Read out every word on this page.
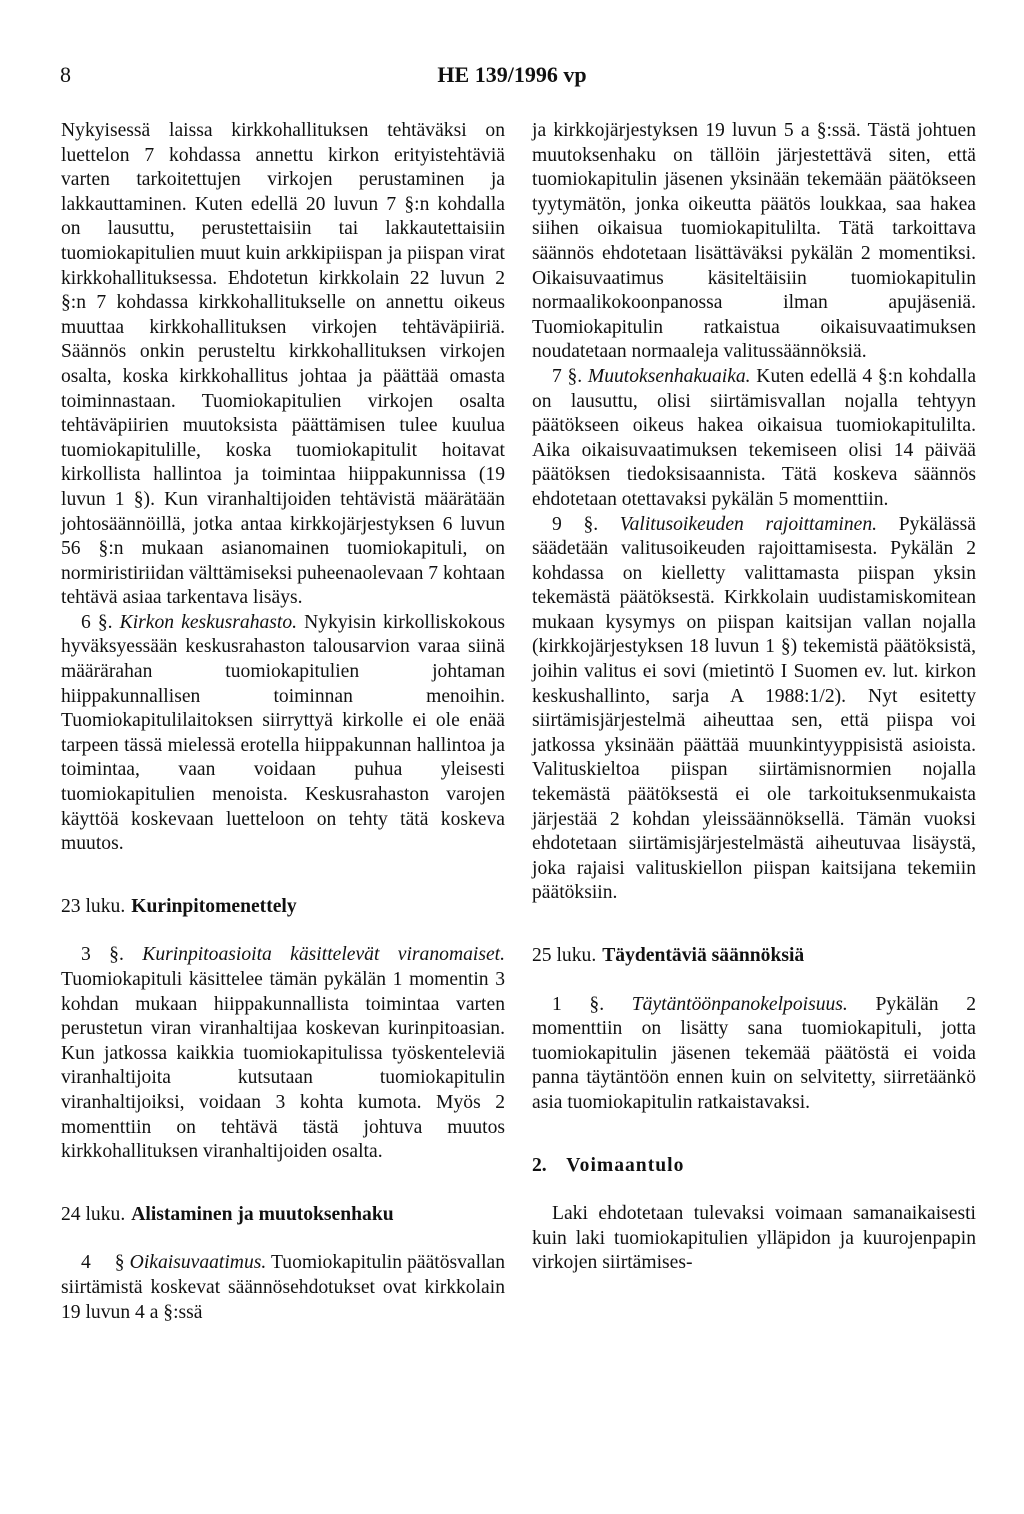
8	HE 139/1996 vp

Nykyisessä laissa kirkkohallituksen tehtäväksi on luettelon 7 kohdassa annettu kirkon erityistehtäviä varten tarkoitettujen virkojen perustaminen ja lakkauttaminen. Kuten edellä 20 luvun 7 §:n kohdalla on lausuttu, perustettaisiin tai lakkautettaisiin tuomiokapitulien muut kuin arkkipiispan ja piispan virat kirkkohallituksessa. Ehdotetun kirkkolain 22 luvun 2 §:n 7 kohdassa kirkkohallitukselle on annettu oikeus muuttaa kirkkohallituksen virkojen tehtäväpiiriä. Säännös onkin perusteltu kirkkohallituksen virkojen osalta, koska kirkkohallitus johtaa ja päättää omasta toiminnastaan. Tuomiokapitulien virkojen osalta tehtäväpiirien muutoksista päättämisen tulee kuulua tuomiokapitulille, koska tuomiokapitulit hoitavat kirkollista hallintoa ja toimintaa hiippakunnissa (19 luvun 1 §). Kun viranhaltijoiden tehtävistä määrätään johtosäännöillä, jotka antaa kirkkojärjestyksen 6 luvun 56 §:n mukaan asianomainen tuomiokapituli, on normiristiriidan välttämiseksi puheenaolevaan 7 kohtaan tehtävä asiaa tarkentava lisäys.

6 §. Kirkon keskusrahasto. Nykyisin kirkolliskokous hyväksyessään keskusrahaston talousarvion varaa siinä määrärahan tuomiokapitulien johtaman hiippakunnallisen toiminnan menoihin. Tuomiokapitulilaitoksen siirryttyä kirkolle ei ole enää tarpeen tässä mielessä erotella hiippakunnan hallintoa ja toimintaa, vaan voidaan puhua yleisesti tuomiokapitulien menoista. Keskusrahaston varojen käyttöä koskevaan luetteloon on tehty tätä koskeva muutos.

23 luku. Kurinpitomenettely

3 §. Kurinpitoasioita käsittelevät viranomaiset. Tuomiokapituli käsittelee tämän pykälän 1 momentin 3 kohdan mukaan hiippakunnallista toimintaa varten perustetun viran viranhaltijaa koskevan kurinpitoasian. Kun jatkossa kaikkia tuomiokapitulissa työskenteleviä viranhaltijoita kutsutaan tuomiokapitulin viranhaltijoiksi, voidaan 3 kohta kumota. Myös 2 momenttiin on tehtävä tästä johtuva muutos kirkkohallituksen viranhaltijoiden osalta.

24 luku. Alistaminen ja muutoksenhaku

4 § Oikaisuvaatimus. Tuomiokapitulin päätösvallan siirtämistä koskevat säännösehdotukset ovat kirkkolain 19 luvun 4 a §:ssä

ja kirkkojärjestyksen 19 luvun 5 a §:ssä. Tästä johtuen muutoksenhaku on tällöin järjestettävä siten, että tuomiokapitulin jäsenen yksinään tekemään päätökseen tyytymätön, jonka oikeutta päätös loukkaa, saa hakea siihen oikaisua tuomiokapitulilta. Tätä tarkoittava säännös ehdotetaan lisättäväksi pykälän 2 momentiksi. Oikaisuvaatimus käsiteltäisiin tuomiokapitulin normaalikokoonpanossa ilman apujäseniä. Tuomiokapitulin ratkaistua oikaisuvaatimuksen noudatetaan normaaleja valitussäännöksiä.

7 §. Muutoksenhakuaika. Kuten edellä 4 §:n kohdalla on lausuttu, olisi siirtämisvallan nojalla tehtyyn päätökseen oikeus hakea oikaisua tuomiokapitulilta. Aika oikaisuvaatimuksen tekemiseen olisi 14 päivää päätöksen tiedoksisaannista. Tätä koskeva säännös ehdotetaan otettavaksi pykälän 5 momenttiin.

9 §. Valitusoikeuden rajoittaminen. Pykälässä säädetään valitusoikeuden rajoittamisesta. Pykälän 2 kohdassa on kielletty valittamasta piispan yksin tekemästä päätöksestä. Kirkkolain uudistamiskomitean mukaan kysymys on piispan kaitsijan vallan nojalla (kirkkojärjestyksen 18 luvun 1 §) tekemistä päätöksistä, joihin valitus ei sovi (mietintö I Suomen ev. lut. kirkon keskushallinto, sarja A 1988:1/2). Nyt esitetty siirtämisjärjestelmä aiheuttaa sen, että piispa voi jatkossa yksinään päättää muunkintyyppisistä asioista. Valituskieltoa piispan siirtämisnormien nojalla tekemästä päätöksestä ei ole tarkoituksenmukaista järjestää 2 kohdan yleissäännöksellä. Tämän vuoksi ehdotetaan siirtämisjärjestelmästä aiheutuvaa lisäystä, joka rajaisi valituskiellon piispan kaitsijana tekemiin päätöksiin.

25 luku. Täydentäviä säännöksiä

1 §. Täytäntöönpanokelpoisuus. Pykälän 2 momenttiin on lisätty sana tuomiokapituli, jotta tuomiokapitulin jäsenen tekemää päätöstä ei voida panna täytäntöön ennen kuin on selvitetty, siirretäänkö asia tuomiokapitulin ratkaistavaksi.

2. Voimaantulo

Laki ehdotetaan tulevaksi voimaan samanaikaisesti kuin laki tuomiokapitulien ylläpidon ja kuurojenpapin virkojen siirtämises-
